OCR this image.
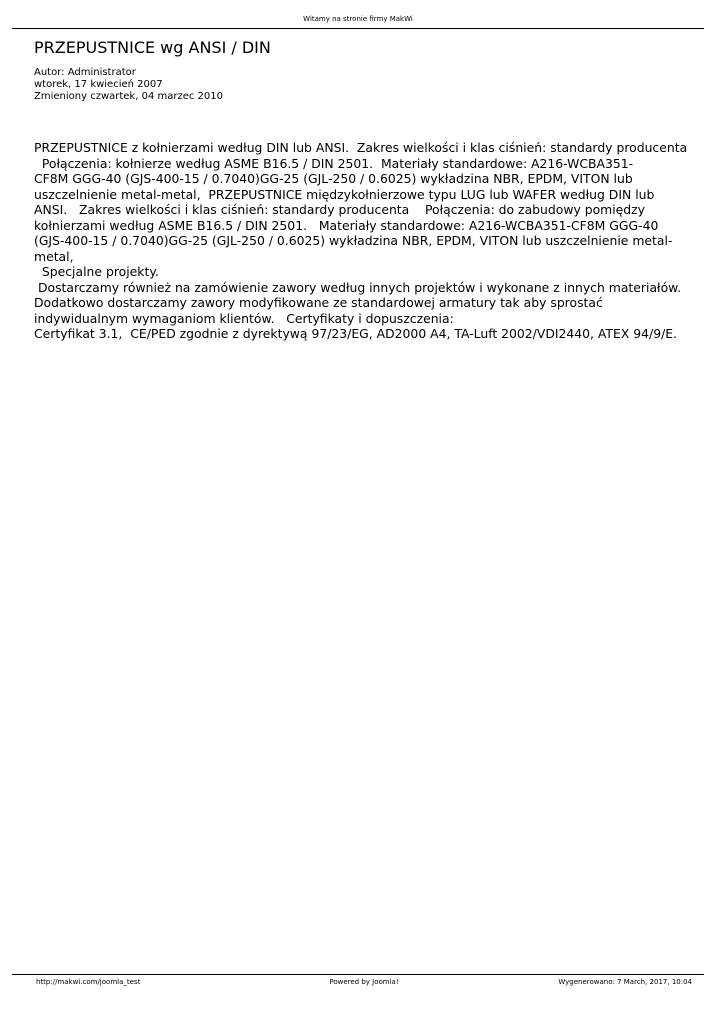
Witamy na stronie firmy MakWi
PRZEPUSTNICE wg ANSI / DIN
Autor: Administrator
wtorek, 17 kwiecień 2007
Zmieniony czwartek, 04 marzec 2010

PRZEPUSTNICE z kołnierzami według DIN lub ANSI.  Zakres wielkości i klas ciśnień: standardy producenta

Połączenia: kołnierze według ASME B16.5 / DIN 2501.  Materiały standardowe: A216-WCBA351-

CF8M GGG-40 (GJS-400-15 / 0.7040)GG-25 (GJL-250 / 0.6025) wykładzina NBR, EPDM, VITON lub

uszczelnienie metal-metal,  PRZEPUSTNICE międzykołnierzowe typu LUG lub WAFER według DIN lub

ANSI.   Zakres wielkości i klas ciśnień: standardy producenta    Połączenia: do zabudowy pomiędzy

kołnierzami według ASME B16.5 / DIN 2501.   Materiały standardowe: A216-WCBA351-CF8M GGG-40

(GJS-400-15 / 0.7040)GG-25 (GJL-250 / 0.6025) wykładzina NBR, EPDM, VITON lub uszczelnienie metal-

metal,

Specjalne projekty.

Dostarczamy również na zamówienie zawory według innych projektów i wykonane z innych materiałów.

Dodatkowo dostarczamy zawory modyfikowane ze standardowej armatury tak aby sprostać

indywidualnym wymaganiom klientów.   Certyfikaty i dopuszczenia:

Certyfikat 3.1,  CE/PED zgodnie z dyrektywą 97/23/EG, AD2000 A4, TA-Luft 2002/VDI2440, ATEX 94/9/E.

http://makwi.com/joomla_test	Powered by Joomla!	Wygenerowano: 7 March, 2017, 10:04
